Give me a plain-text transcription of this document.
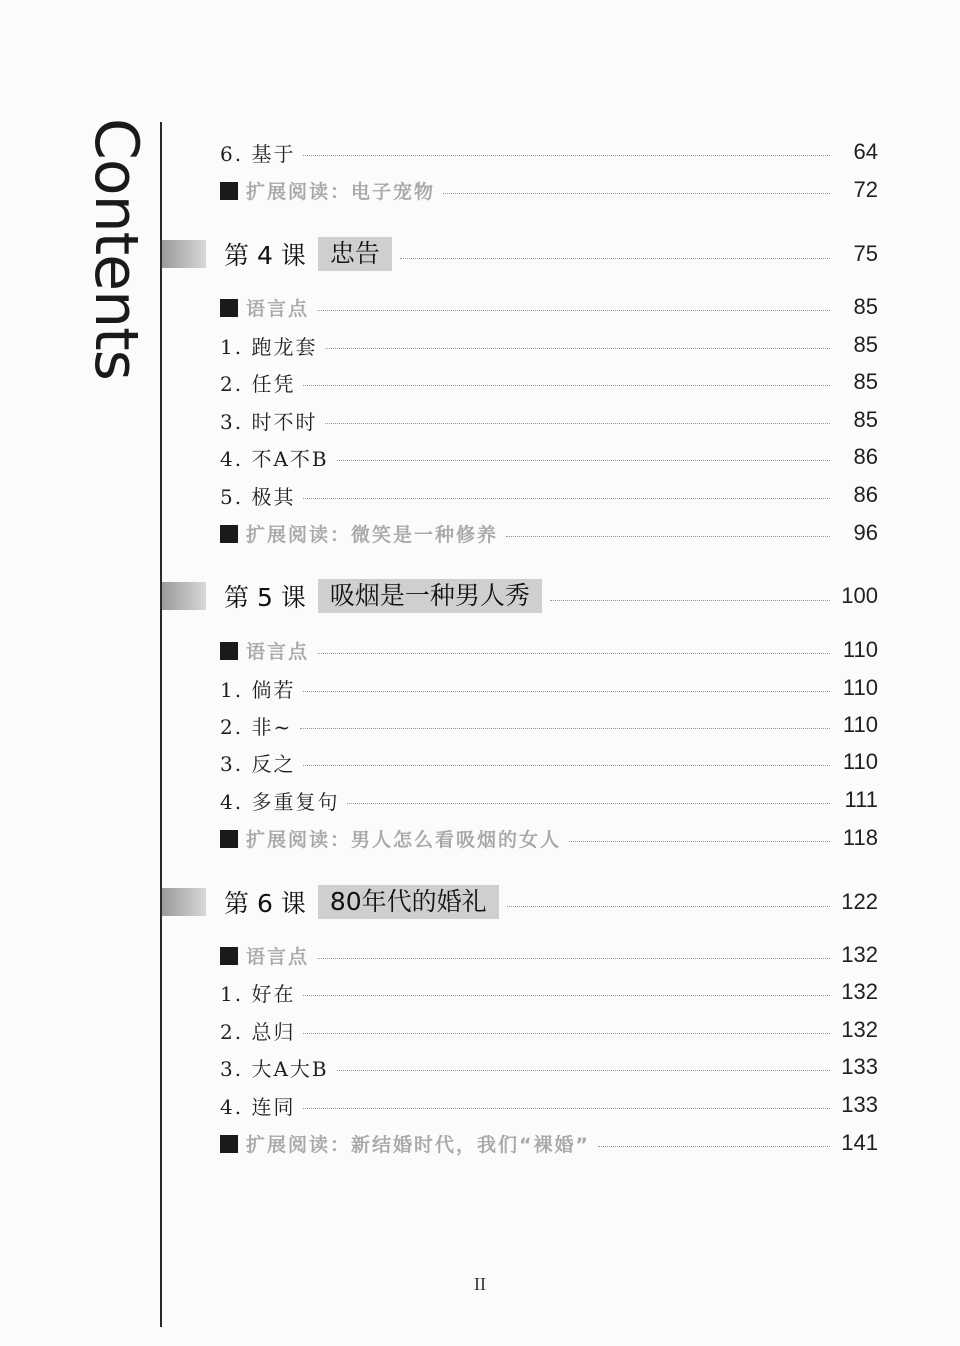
Contents	6. 基于	64
扩展阅读：电子宠物	72
第 4 课 忠告	75
语言点	85
1. 跑龙套	85
2. 任凭	85
3. 时不时	85
4. 不A不B	86
5. 极其	86
扩展阅读：微笑是一种修养	96
第 5 课 吸烟是一种男人秀	100
语言点	110
1. 倘若	110
2. 非~	110
3. 反之	110
4. 多重复句	111
扩展阅读：男人怎么看吸烟的女人	118
第 6 课 80年代的婚礼	122
语言点	132
1. 好在	132
2. 总归	132
3. 大A大B	133
4. 连同	133
扩展阅读：新结婚时代，我们“裸婚”	141
II
